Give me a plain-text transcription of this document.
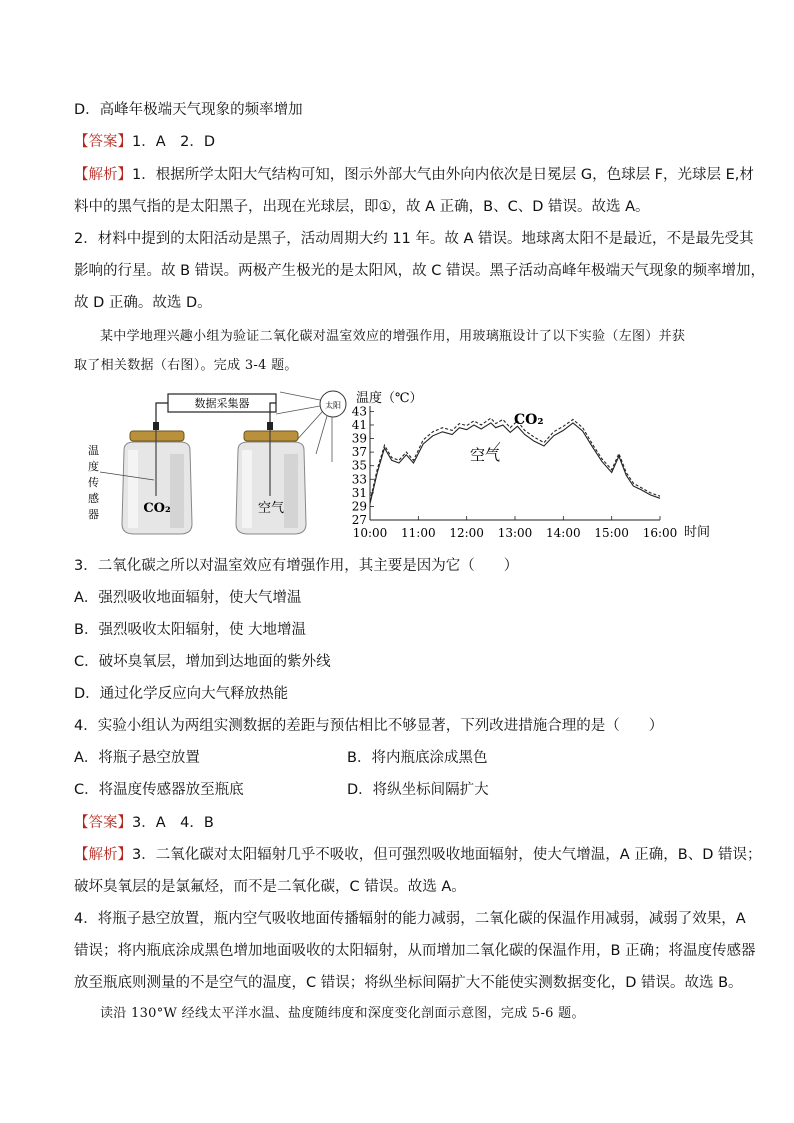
D．高峰年极端天气现象的频率增加
【答案】1．A　2．D
【解析】1．根据所学太阳大气结构可知，图示外部大气由外向内依次是日冕层 G，色球层 F，光球层 E,材
料中的黑气指的是太阳黑子，出现在光球层，即①，故 A 正确，B、C、D 错误。故选 A。
2．材料中提到的太阳活动是黑子，活动周期大约 11 年。故 A 错误。地球离太阳不是最近，不是最先受其
影响的行星。故 B 错误。两极产生极光的是太阳风，故 C 错误。黑子活动高峰年极端天气现象的频率增加，
故 D 正确。故选 D。
某中学地理兴趣小组为验证二氧化碳对温室效应的增强作用，用玻璃瓶设计了以下实验（左图）并获
取了相关数据（右图）。完成 3-4 题。
数据采集器	太阳
CO₂
温
度
传
感
器	空气
温度（℃）
时间
27
29
31
33
35
37
39
41
43
10:00 11:00 12:00 13:00 14:00 15:00 16:00
CO₂
空气
3．二氧化碳之所以对温室效应有增强作用，其主要是因为它（　　）
A．强烈吸收地面辐射，使大气增温
B．强烈吸收太阳辐射，使 大地增温
C．破坏臭氧层，增加到达地面的紫外线
D．通过化学反应向大气释放热能
4．实验小组认为两组实测数据的差距与预估相比不够显著，下列改进措施合理的是（　　）
A．将瓶子悬空放置	B．将内瓶底涂成黑色
C．将温度传感器放至瓶底	D．将纵坐标间隔扩大
【答案】3．A　4．B
【解析】3．二氧化碳对太阳辐射几乎不吸收，但可强烈吸收地面辐射，使大气增温，A 正确，B、D 错误；
破坏臭氧层的是氯氟烃，而不是二氧化碳，C 错误。故选 A。
4．将瓶子悬空放置，瓶内空气吸收地面传播辐射的能力减弱，二氧化碳的保温作用减弱，减弱了效果，A
错误；将内瓶底涂成黑色增加地面吸收的太阳辐射，从而增加二氧化碳的保温作用，B 正确；将温度传感器
放至瓶底则测量的不是空气的温度，C 错误；将纵坐标间隔扩大不能使实测数据变化，D 错误。故选 B。
读沿 130°W 经线太平洋水温、盐度随纬度和深度变化剖面示意图，完成 5-6 题。
